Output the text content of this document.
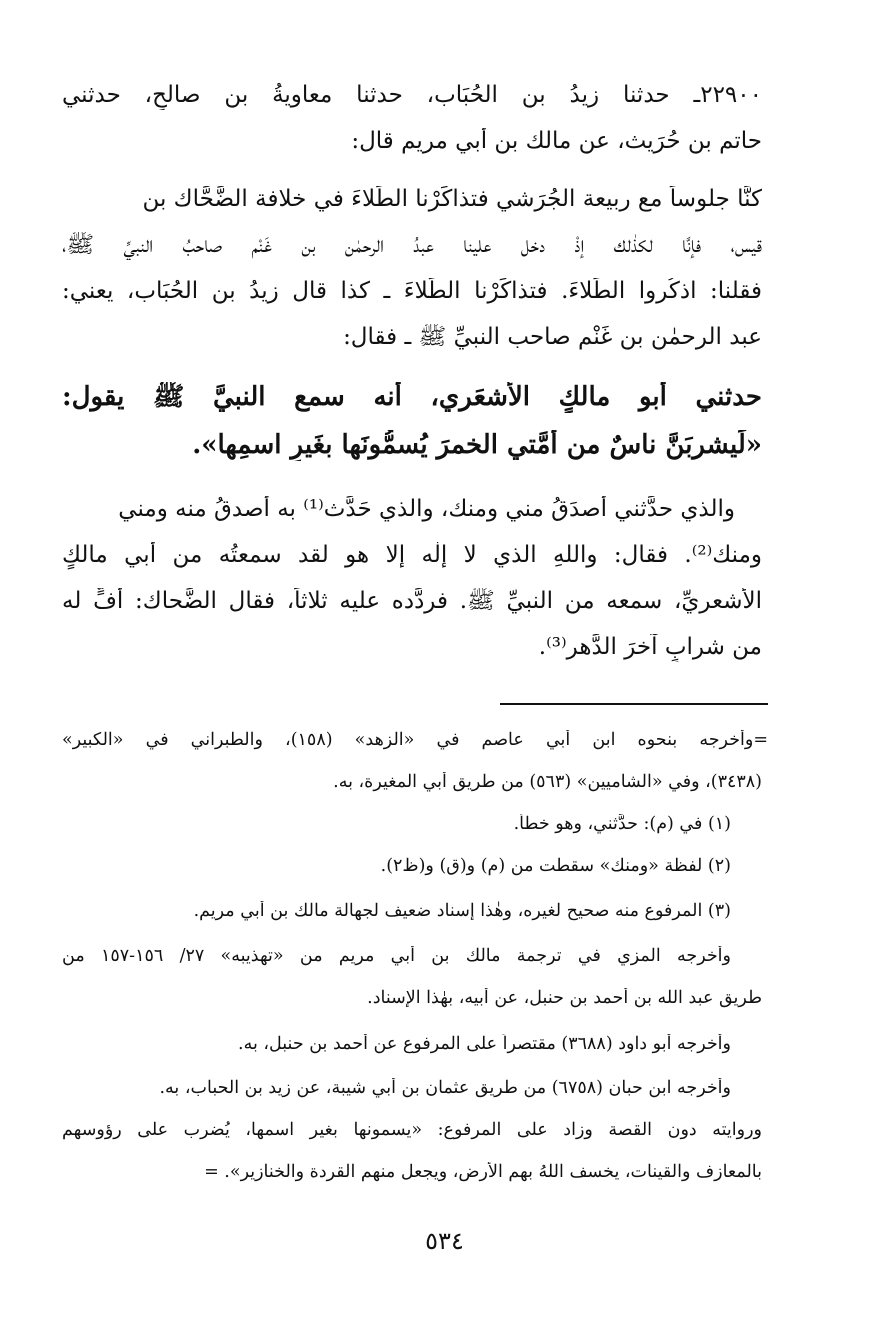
٢٢٩٠٠ـ حدثنا زيدُ بن الحُبَاب، حدثنا معاويةُ بن صالحٍ، حدثني
حاتم بن حُرَيث، عن مالك بن أبي مريم قال:
كنَّا جلوساً مع ربيعة الجُرَشي فتذاكَرْنا الطِّلاءَ في خلافة الضَّحَّاك بن
قيس، فإنَّا لكذٰلك إذْ دخل علينا عبدُ الرحمٰن بن غَنْم صاحبُ النبيِّ ﷺ،
فقلنا: اذكُروا الطِّلاءَ. فتذاكَرْنا الطِّلاءَ ـ كذا قال زيدُ بن الحُبَاب، يعني:
عبد الرحمٰن بن غَنْم صاحب النبيِّ ﷺ ـ فقال:
حدثني أبو مالكٍ الأشعَري، أنه سمع النبيَّ ﷺ يقول:
«لَيشربَنَّ ناسٌ من أُمَّتي الخمرَ يُسمُّونَها بغَيرِ اسمِها».
والذي حدَّثني أصدَقُ مني ومنك، والذي حَدَّث⁽¹⁾ به أَصدقُ منه ومني
ومنك⁽²⁾. فقال: واللهِ الذي لا إلٰه إلا هو لقد سمعتُه من أبي مالكٍ
الأشعريِّ، سمعه من النبيِّ ﷺ. فردَّده عليه ثلاثاً، فقال الضَّحاك: أُفٍّ له
من شرابٍ آخرَ الدَّهر⁽³⁾.
=وأخرجه بنحوه ابن أبي عاصم في «الزهد» (١٥٨)، والطبراني في «الكبير»
(٣٤٣٨)، وفي «الشاميين» (٥٦٣) من طريق أبي المغيرة، به.
(١) في (م): حدَّثني، وهو خطأ.
(٢) لفظة «ومنك» سقطت من (م) و(ق) و(ظ٢).
(٣) المرفوع منه صحيح لغيره، وهٰذا إسناد ضعيف لجهالة مالك بن أبي مريم.
وأخرجه المزي في ترجمة مالك بن أبي مريم من «تهذيبه» ٢٧/ ١٥٦-١٥٧ من
طريق عبد الله بن أحمد بن حنبل، عن أبيه، بهٰذا الإسناد.
وأخرجه أبو داود (٣٦٨٨) مقتصراً على المرفوع عن أحمد بن حنبل، به.
وأخرجه ابن حبان (٦٧٥٨) من طريق عثمان بن أبي شيبة، عن زيد بن الحباب، به.
وروايته دون القصة وزاد على المرفوع: «يسمونها بغير اسمها، يُضرب على رؤوسهم
بالمعازف والقينات، يخسف اللهُ بهم الأرض، ويجعل منهم القردة والخنازير». =
٥٣٤
